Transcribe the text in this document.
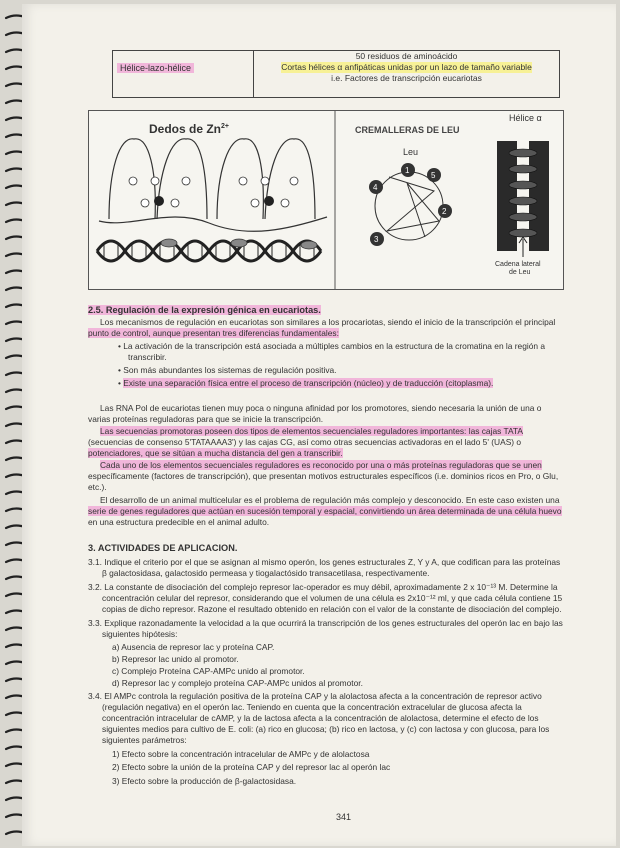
Hélice-lazo-hélice
50 residuos de aminoácido
Cortas hélices α anfipáticas unidas por un lazo de tamaño variable
i.e. Factores de transcripción eucariotas
1
2
3
4
5
Dedos de $Zn^{2+}$	CREMALLERAS DE LEU
Leu
Hélice α
Cadena lateral
de Leu
2.5. Regulación de la expresión génica en eucariotas.
Los mecanismos de regulación en eucariotas son similares a los procariotas, siendo el inicio de la transcripción el principal
punto de control, aunque presentan tres diferencias fundamentales:
• La activación de la transcripción está asociada a múltiples cambios en la estructura de la cromatina en la región a
transcribir.
• Son más abundantes los sistemas de regulación positiva.
• Existe una separación física entre el proceso de transcripción (núcleo) y de traducción (citoplasma).
Las RNA Pol de eucariotas tienen muy poca o ninguna afinidad por los promotores, siendo necesaria la unión de una o
varias proteínas reguladoras para que se inicie la transcripción.
Las secuencias promotoras poseen dos tipos de elementos secuenciales reguladores importantes: las cajas TATA
(secuencias de consenso 5'TATAAAA3') y las cajas CG, así como otras secuencias activadoras en el lado 5' (UAS) o
potenciadores, que se sitúan a mucha distancia del gen a transcribir.
Cada uno de los elementos secuenciales reguladores es reconocido por una o más proteínas reguladoras que se unen
específicamente (factores de transcripción), que presentan motivos estructurales específicos (i.e. dominios ricos en Pro, o Glu,
etc.).
El desarrollo de un animal multicelular es el problema de regulación más complejo y desconocido. En este caso existen una
serie de genes reguladores que actúan en sucesión temporal y espacial, convirtiendo un área determinada de una célula huevo
en una estructura predecible en el animal adulto.
3. ACTIVIDADES DE APLICACION.
3.1. Indique el criterio por el que se asignan al mismo operón, los genes estructurales Z, Y y A, que codifican para las proteínas
β galactosidasa, galactosido permeasa y tiogalactósido transacetilasa, respectivamente.
3.2. La constante de disociación del complejo represor lac-operador es muy débil, aproximadamente 2 x 10⁻¹³ M. Determine la
concentración celular del represor, considerando que el volumen de una célula es 2x10⁻¹² ml, y que cada célula contiene 15
copias de dicho represor. Razone el resultado obtenido en relación con el valor de la constante de disociación del complejo.
3.3. Explique razonadamente la velocidad a la que ocurrirá la transcripción de los genes estructurales del operón lac en bajo las
siguientes hipótesis:
a) Ausencia de represor lac y proteína CAP.
b) Represor lac unido al promotor.
c) Complejo Proteína CAP-AMPc unido al promotor.
d) Represor lac y complejo proteína CAP-AMPc unidos al promotor.
3.4. El AMPc controla la regulación positiva de la proteína CAP y la alolactosa afecta a la concentración de represor activo
(regulación negativa) en el operón lac. Teniendo en cuenta que la concentración extracelular de glucosa afecta la
concentración intracelular de cAMP, y la de lactosa afecta a la concentración de alolactosa, determine el efecto de los
siguientes medios para cultivo de E. coli: (a) rico en glucosa; (b) rico en lactosa, y (c) con lactosa y con glucosa, para los
siguientes parámetros:
1) Efecto sobre la concentración intracelular de AMPc y de alolactosa
2) Efecto sobre la unión de la proteína CAP y del represor lac al operón lac
3) Efecto sobre la producción de β-galactosidasa.
341
